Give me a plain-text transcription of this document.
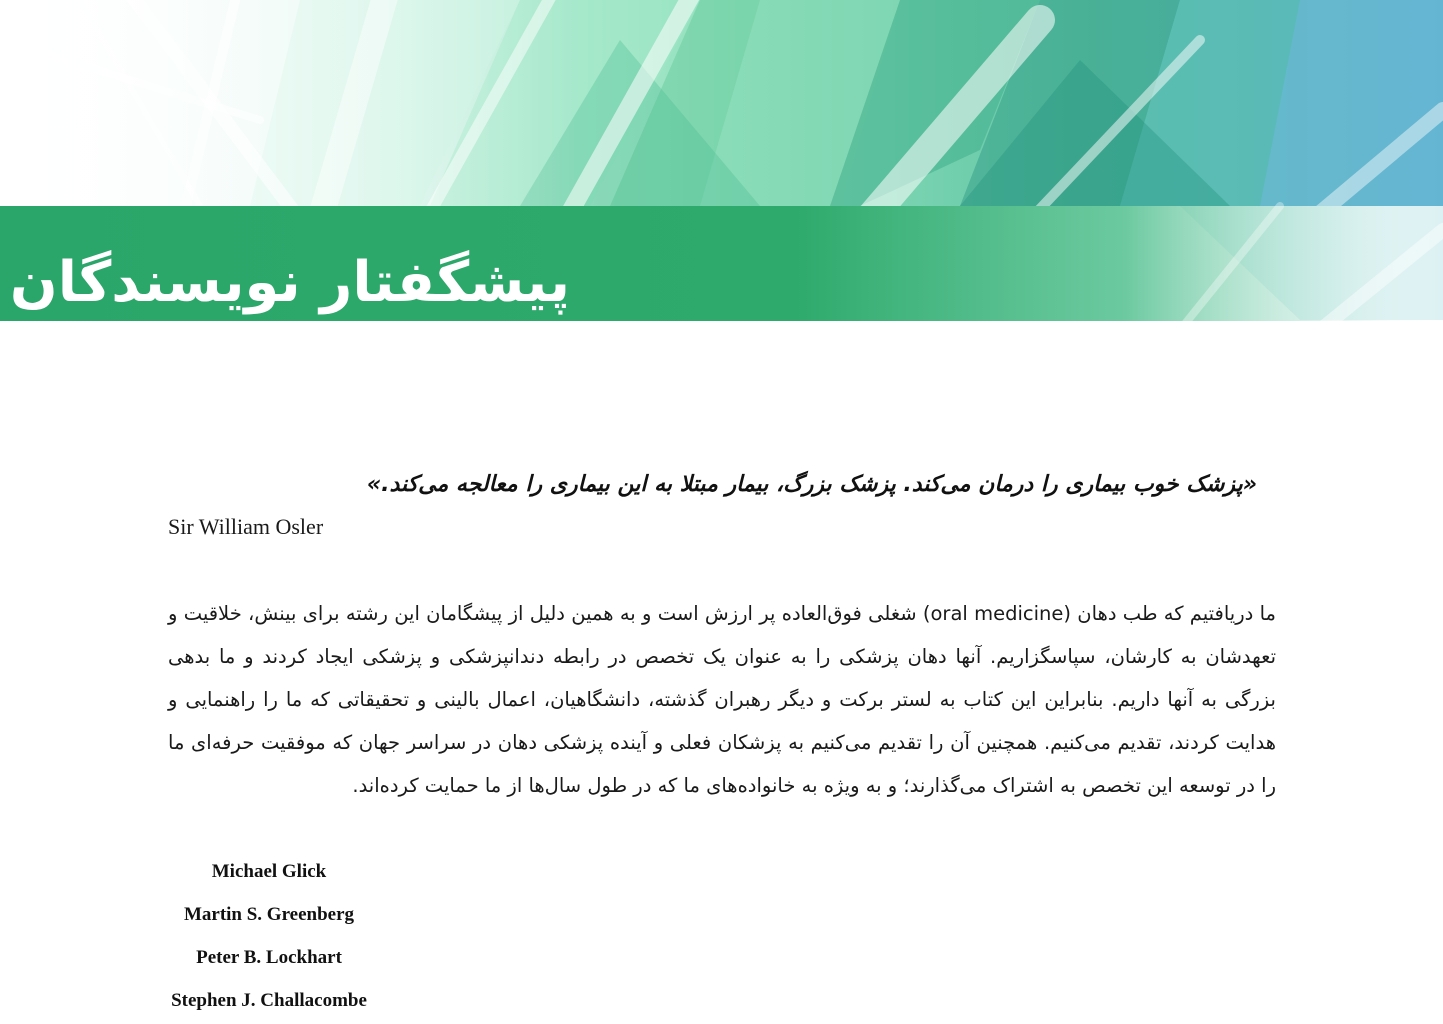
پیشگفتار نویسندگان

«پزشک خوب بیماری را درمان می‌کند. پزشک بزرگ، بیمار مبتلا به این بیماری را معالجه می‌کند.»

Sir William Osler

ما دریافتیم که طب دهان (oral medicine) شغلی فوق‌العاده پر ارزش است و به همین دلیل از پیشگامان این رشته برای بینش، خلاقیت و تعهدشان به کارشان، سپاسگزاریم. آنها دهان پزشکی را به عنوان یک تخصص در رابطه دندانپزشکی و پزشکی ایجاد کردند و ما بدهی بزرگی به آنها داریم. بنابراین این کتاب به لستر برکت و دیگر رهبران گذشته، دانشگاهیان، اعمال بالینی و تحقیقاتی که ما را راهنمایی و هدایت کردند، تقدیم می‌کنیم. همچنین آن را تقدیم می‌کنیم به پزشکان فعلی و آینده پزشکی دهان در سراسر جهان که موفقیت حرفه‌ای ما را در توسعه این تخصص به اشتراک می‌گذارند؛ و به ویژه به خانواده‌های ما که در طول سال‌ها از ما حمایت کرده‌اند.

Michael Glick
Martin S. Greenberg
Peter B. Lockhart
Stephen J. Challacombe
